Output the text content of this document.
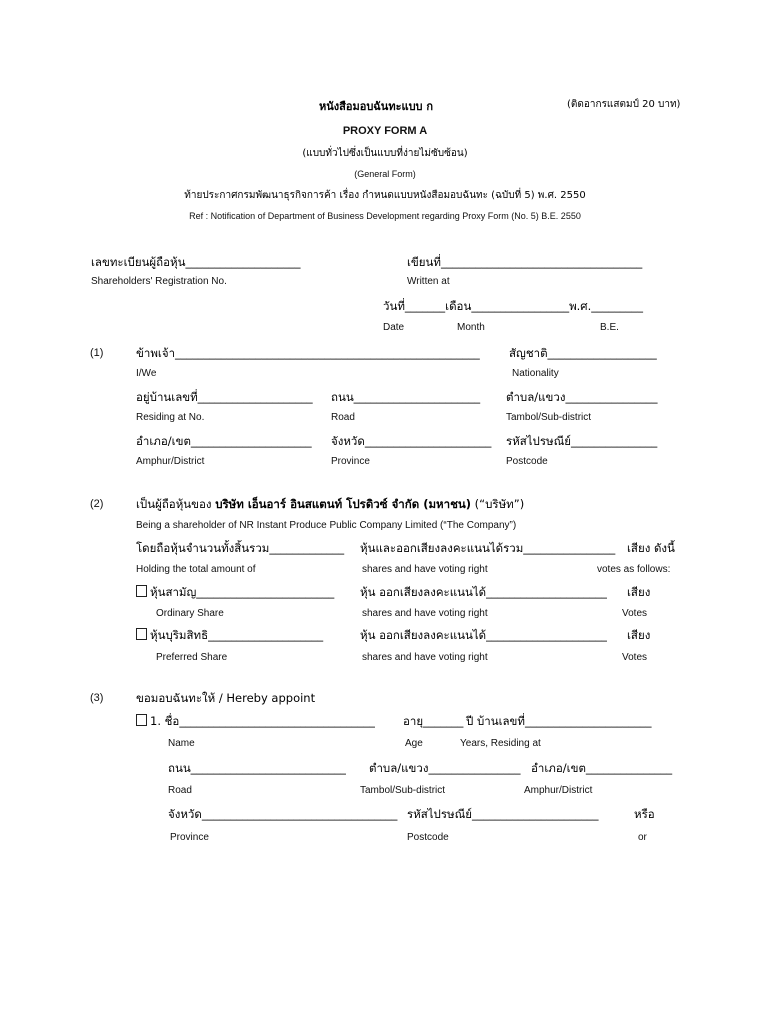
หนังสือมอบฉันทะแบบ ก	(ติดอากรแสตมป์ 20 บาท)
PROXY FORM A
(แบบทั่วไปซึ่งเป็นแบบที่ง่ายไม่ซับซ้อน)
(General Form)
ท้ายประกาศกรมพัฒนาธุรกิจการค้า เรื่อง กำหนดแบบหนังสือมอบฉันทะ (ฉบับที่ 5) พ.ศ. 2550
Ref : Notification of Department of Business Development regarding Proxy Form (No. 5) B.E. 2550
เลขทะเบียนผู้ถือหุ้น____________________	เขียนที่___________________________________
Shareholders' Registration No.	Written at
วันที่_______เดือน_________________พ.ศ._________
Date	Month	B.E.
(1)	ข้าพเจ้า_____________________________________________________	สัญชาติ___________________
I/We	Nationality
อยู่บ้านเลขที่____________________ ถนน______________________ ตำบล/แขวง________________
Residing at No.	Road	Tambol/Sub-district
อำเภอ/เขต_____________________ จังหวัด______________________ รหัสไปรษณีย์_______________
Amphur/District	Province	Postcode
(2)	เป็นผู้ถือหุ้นของ บริษัท เอ็นอาร์ อินสแตนท์ โปรดิวซ์ จำกัด (มหาชน) (“บริษัท”)
Being a shareholder of NR Instant Produce Public Company Limited (“The Company”)
โดยถือหุ้นจำนวนทั้งสิ้นรวม_____________ หุ้นและออกเสียงลงคะแนนได้รวม________________ เสียง ดังนี้
Holding the total amount of	shares and have voting right	votes as follows:
หุ้นสามัญ________________________ หุ้น ออกเสียงลงคะแนนได้_____________________ เสียง
Ordinary Share	shares and have voting right	Votes
หุ้นบุริมสิทธิ____________________	หุ้น ออกเสียงลงคะแนนได้_____________________ เสียง
Preferred Share	shares and have voting right	Votes
(3)	ขอมอบฉันทะให้ / Hereby appoint
1. ชื่อ__________________________________ อายุ_______ ปี บ้านเลขที่______________________
Name	Age	Years, Residing at
ถนน___________________________ ตำบล/แขวง________________ อำเภอ/เขต_______________
Road	Tambol/Sub-district	Amphur/District
จังหวัด__________________________________ รหัสไปรษณีย์______________________	หรือ
Province	Postcode	or
